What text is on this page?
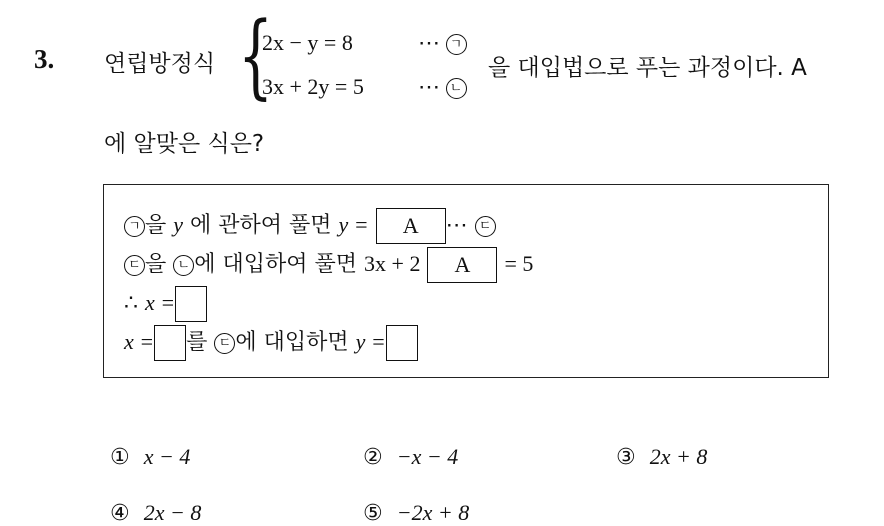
3. 연립방정식 {
2x − y = 8
3x + 2y = 5
⋯ ㄱ
⋯ ㄴ
을 대입법으로 푸는 과정이다. A
에 알맞은 식은?
ㄱ 을 y 에 관하여 풀면 y = A ⋯ ㄷ
ㄷ 을 ㄴ 에 대입하여 풀면 3x + 2 A = 5
∴ x =
x = 를 ㄷ 에 대입하면 y =
① x − 4	② −x − 4	③ 2x + 8
④ 2x − 8	⑤ −2x + 8
